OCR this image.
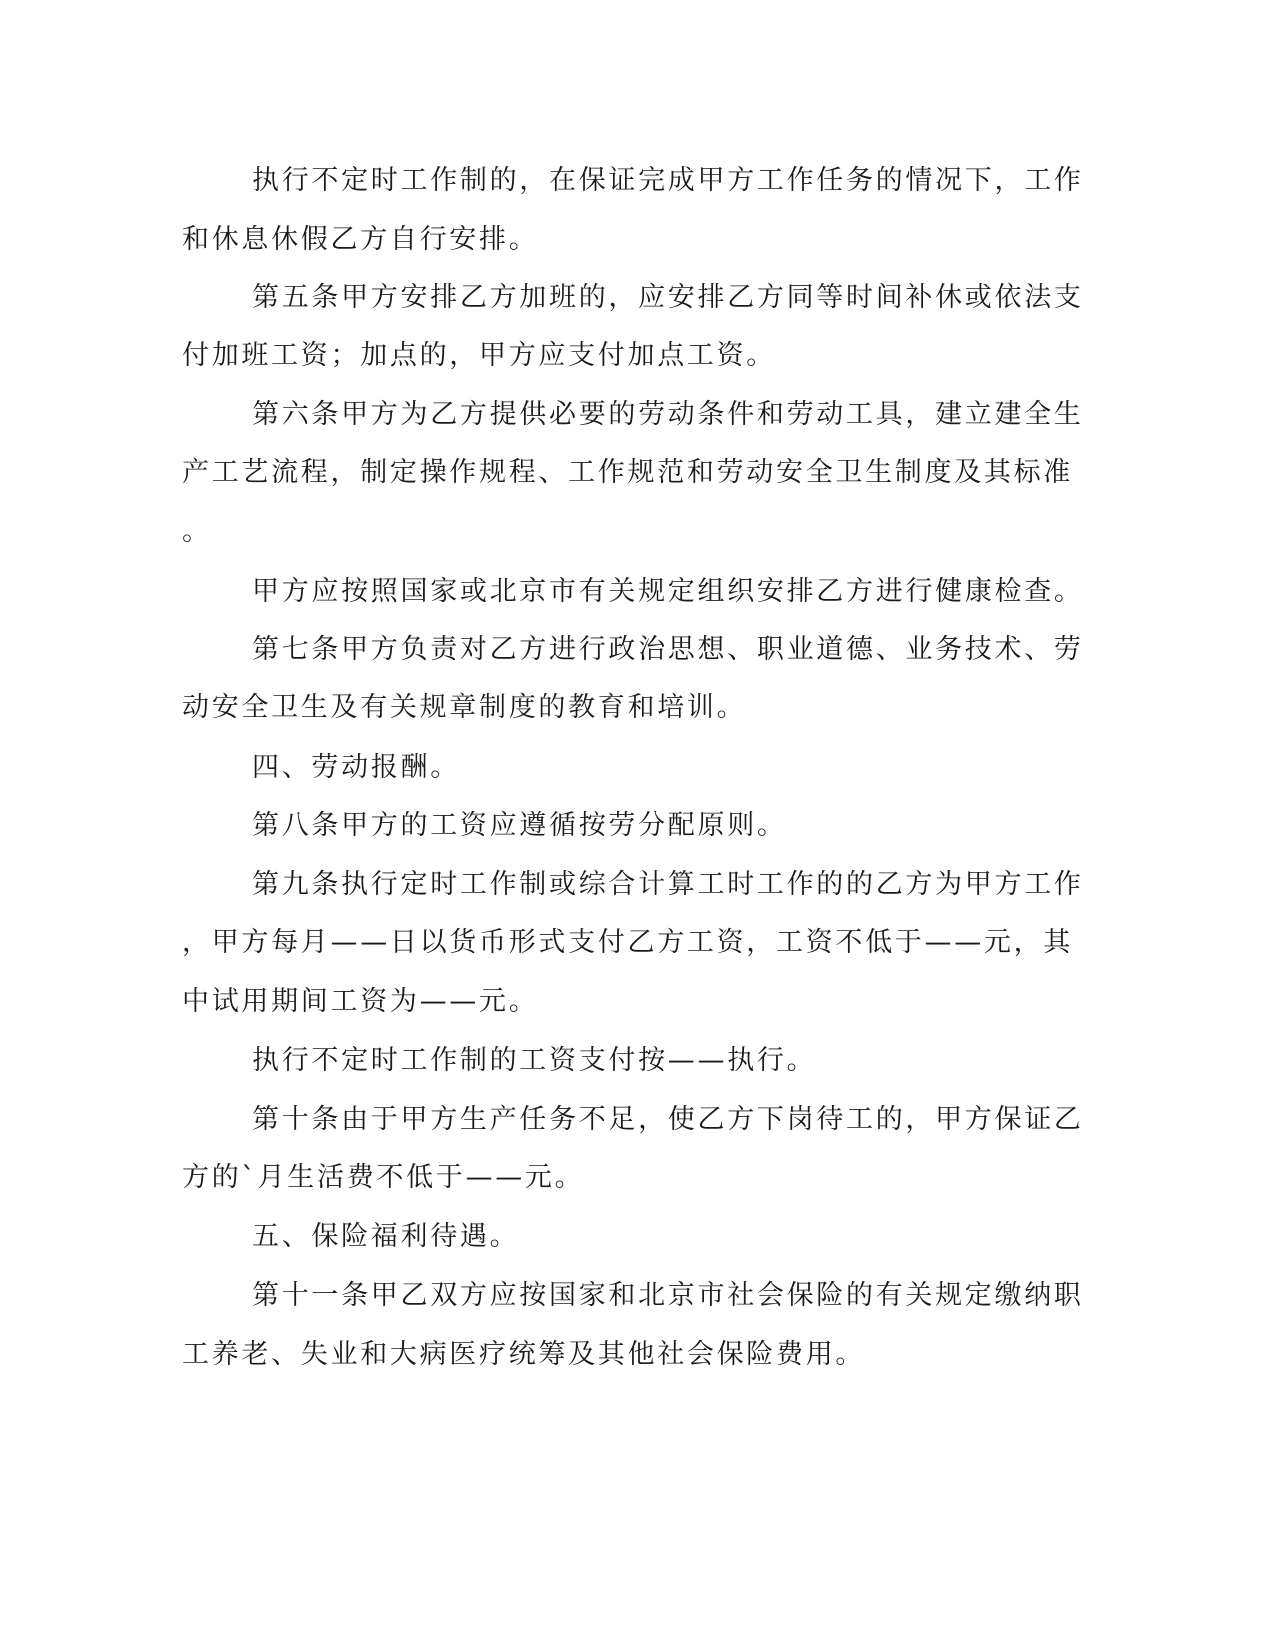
执行不定时工作制的，在保证完成甲方工作任务的情况下，工作
和休息休假乙方自行安排。
第五条甲方安排乙方加班的，应安排乙方同等时间补休或依法支
付加班工资；加点的，甲方应支付加点工资。
第六条甲方为乙方提供必要的劳动条件和劳动工具，建立建全生
产工艺流程，制定操作规程、工作规范和劳动安全卫生制度及其标准
。
甲方应按照国家或北京市有关规定组织安排乙方进行健康检查。
第七条甲方负责对乙方进行政治思想、职业道德、业务技术、劳
动安全卫生及有关规章制度的教育和培训。
四、劳动报酬。
第八条甲方的工资应遵循按劳分配原则。
第九条执行定时工作制或综合计算工时工作的的乙方为甲方工作
，甲方每月——日以货币形式支付乙方工资，工资不低于——元，其
中试用期间工资为——元。
执行不定时工作制的工资支付按——执行。
第十条由于甲方生产任务不足，使乙方下岗待工的，甲方保证乙
方的`月生活费不低于——元。
五、保险福利待遇。
第十一条甲乙双方应按国家和北京市社会保险的有关规定缴纳职
工养老、失业和大病医疗统筹及其他社会保险费用。
